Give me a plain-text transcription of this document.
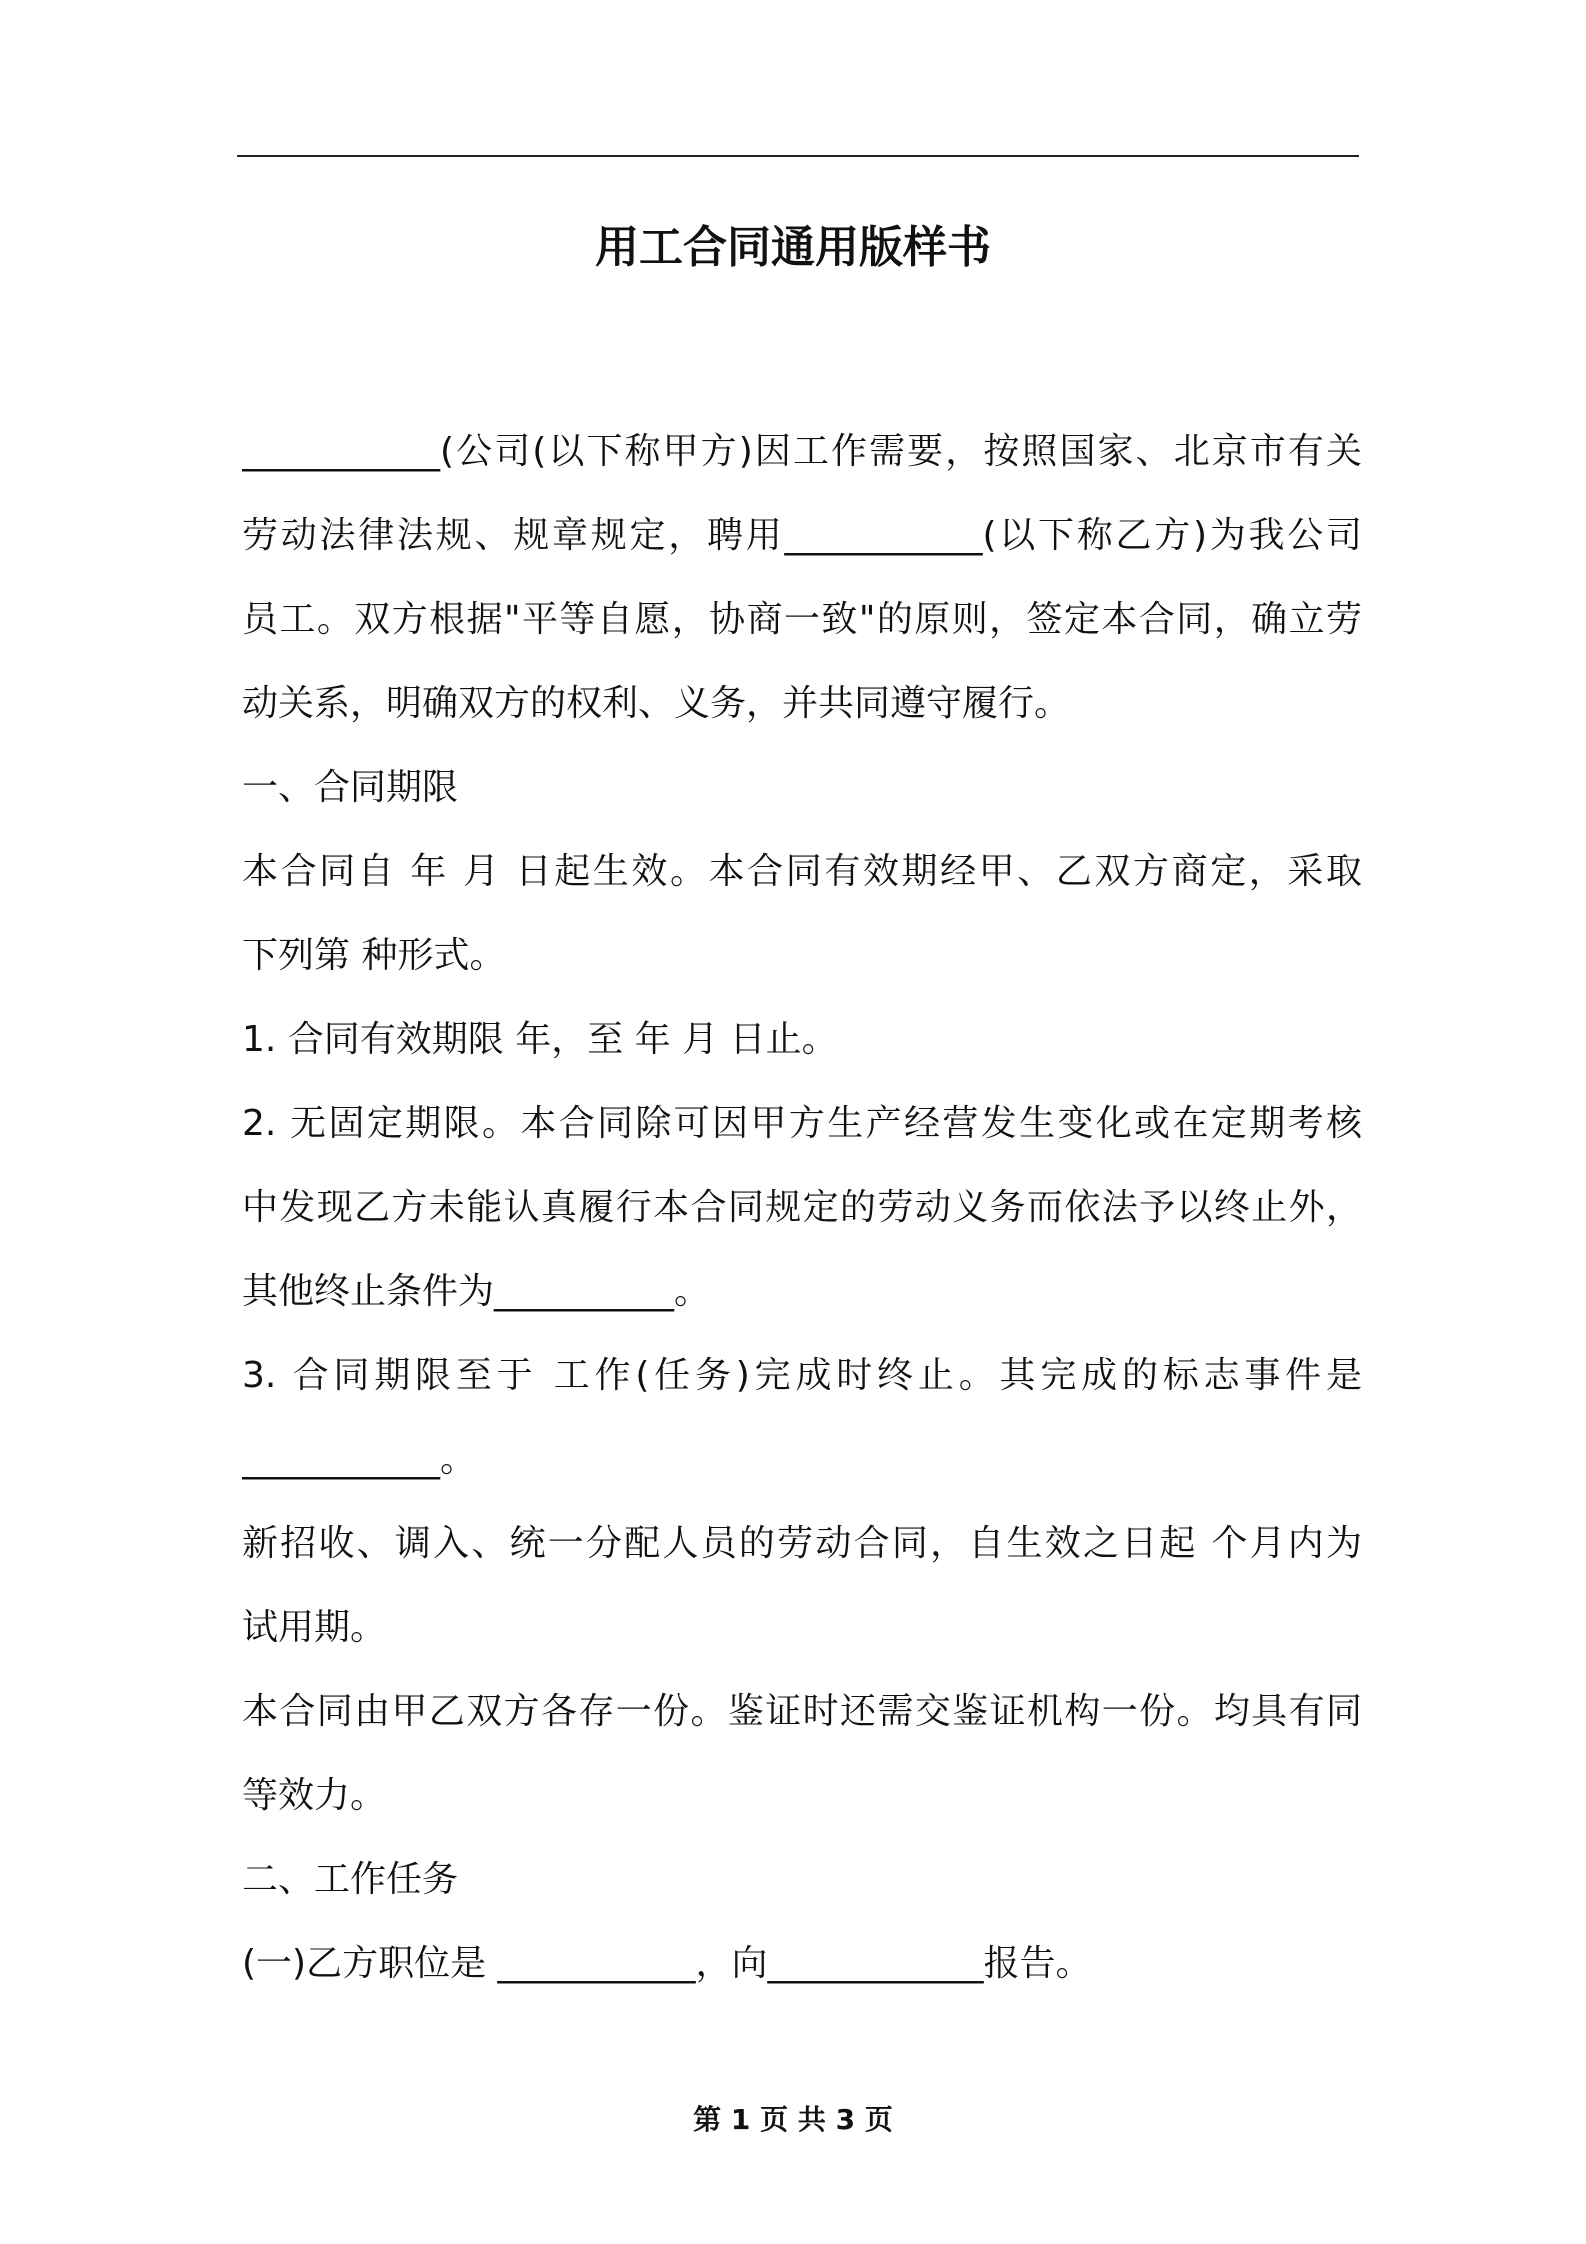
用工合同通用版样书
___________(公司(以下称甲方)因工作需要，按照国家、北京市有关
劳动法律法规、规章规定，聘用___________(以下称乙方)为我公司
员工。双方根据"平等自愿，协商一致"的原则，签定本合同，确立劳
动关系，明确双方的权利、义务，并共同遵守履行。
一、合同期限
本合同自 年 月 日起生效。本合同有效期经甲、乙双方商定，采取
下列第 种形式。
1. 合同有效期限 年，至 年 月 日止。
2. 无固定期限。本合同除可因甲方生产经营发生变化或在定期考核
中发现乙方未能认真履行本合同规定的劳动义务而依法予以终止外，
其他终止条件为__________。
3. 合同期限至于 工作(任务)完成时终止。其完成的标志事件是
___________。
新招收、调入、统一分配人员的劳动合同，自生效之日起 个月内为
试用期。
本合同由甲乙双方各存一份。鉴证时还需交鉴证机构一份。均具有同
等效力。
二、工作任务
(一)乙方职位是 ___________，向____________报告。
第 1 页 共 3 页
